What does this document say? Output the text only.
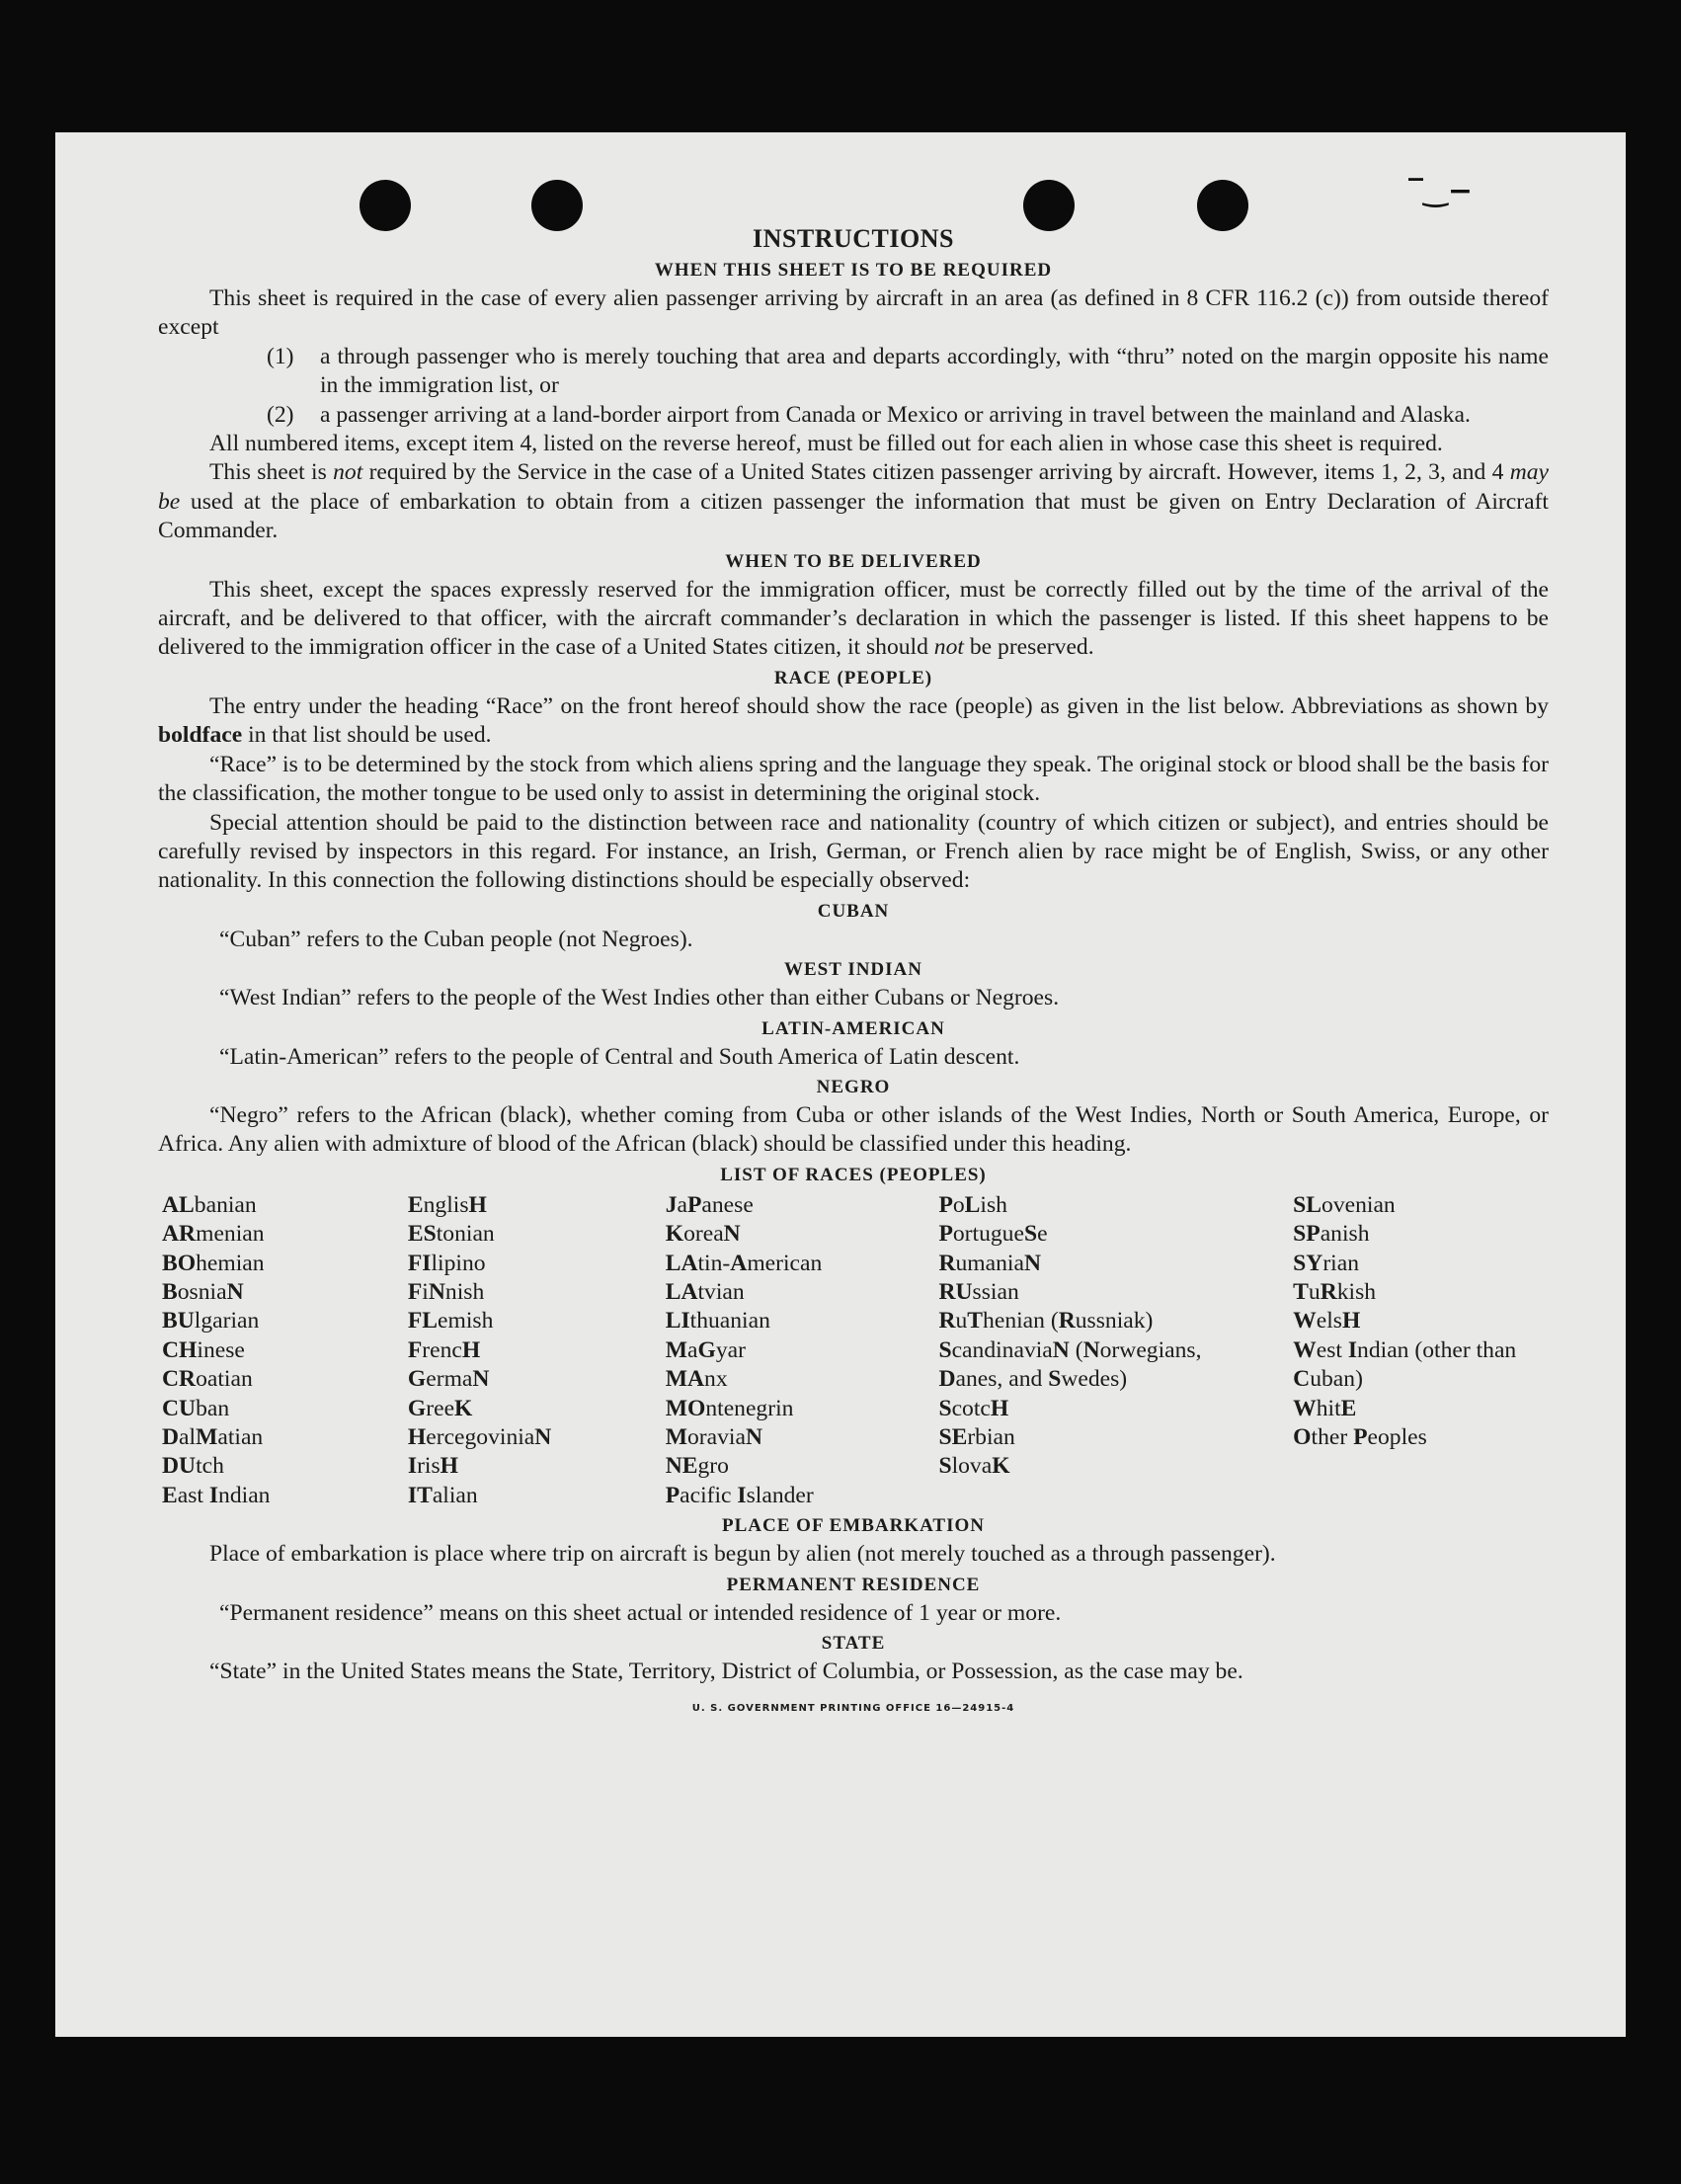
‾‿−
INSTRUCTIONS
WHEN THIS SHEET IS TO BE REQUIRED

This sheet is required in the case of every alien passenger arriving by aircraft in an area (as defined in 8 CFR 116.2 (c)) from outside thereof except

(1)	a through passenger who is merely touching that area and departs accordingly, with “thru” noted on the margin opposite his name in the immigration list, or
(2)	a passenger arriving at a land-border airport from Canada or Mexico or arriving in travel between the mainland and Alaska.

All numbered items, except item 4, listed on the reverse hereof, must be filled out for each alien in whose case this sheet is required.

This sheet is not required by the Service in the case of a United States citizen passenger arriving by aircraft. However, items 1, 2, 3, and 4 may be used at the place of embarkation to obtain from a citizen passenger the information that must be given on Entry Declaration of Aircraft Commander.

WHEN TO BE DELIVERED

This sheet, except the spaces expressly reserved for the immigration officer, must be correctly filled out by the time of the arrival of the aircraft, and be delivered to that officer, with the aircraft commander’s declaration in which the passenger is listed. If this sheet happens to be delivered to the immigration officer in the case of a United States citizen, it should not be preserved.

RACE (PEOPLE)

The entry under the heading “Race” on the front hereof should show the race (people) as given in the list below. Abbreviations as shown by boldface in that list should be used.

“Race” is to be determined by the stock from which aliens spring and the language they speak. The original stock or blood shall be the basis for the classification, the mother tongue to be used only to assist in determining the original stock.

Special attention should be paid to the distinction between race and nationality (country of which citizen or subject), and entries should be carefully revised by inspectors in this regard. For instance, an Irish, German, or French alien by race might be of English, Swiss, or any other nationality. In this connection the following distinctions should be especially observed:

CUBAN

“Cuban” refers to the Cuban people (not Negroes).

WEST INDIAN

“West Indian” refers to the people of the West Indies other than either Cubans or Negroes.

LATIN-AMERICAN

“Latin-American” refers to the people of Central and South America of Latin descent.

NEGRO

“Negro” refers to the African (black), whether coming from Cuba or other islands of the West Indies, North or South America, Europe, or Africa. Any alien with admixture of blood of the African (black) should be classified under this heading.

LIST OF RACES (PEOPLES)
ALbanian
ARmenian
BOhemian
BosniaN
BUlgarian
CHinese
CRoatian
CUban
DalMatian
DUtch
East Indian
EnglisH
EStonian
FIlipino
FiNnish
FLemish
FrencH
GermaN
GreeK
HercegoviniaN
IrisH
ITalian
JaPanese
KoreaN
LAtin-American
LAtvian
LIthuanian
MaGyar
MAnx
MOntenegrin
MoraviaN
NEgro
Pacific Islander
PoLish
PortugueSe
RumaniaN
RUssian
RuThenian (Russniak)
ScandinaviaN (Norwegians, Danes, and Swedes)
ScotcH
SErbian
SlovaK
SLovenian
SPanish
SYrian
TuRkish
WelsH
West Indian (other than Cuban)
WhitE
Other Peoples
PLACE OF EMBARKATION

Place of embarkation is place where trip on aircraft is begun by alien (not merely touched as a through passenger).

PERMANENT RESIDENCE

“Permanent residence” means on this sheet actual or intended residence of 1 year or more.

STATE

“State” in the United States means the State, Territory, District of Columbia, or Possession, as the case may be.

U. S. GOVERNMENT PRINTING OFFICE 16—24915-4
